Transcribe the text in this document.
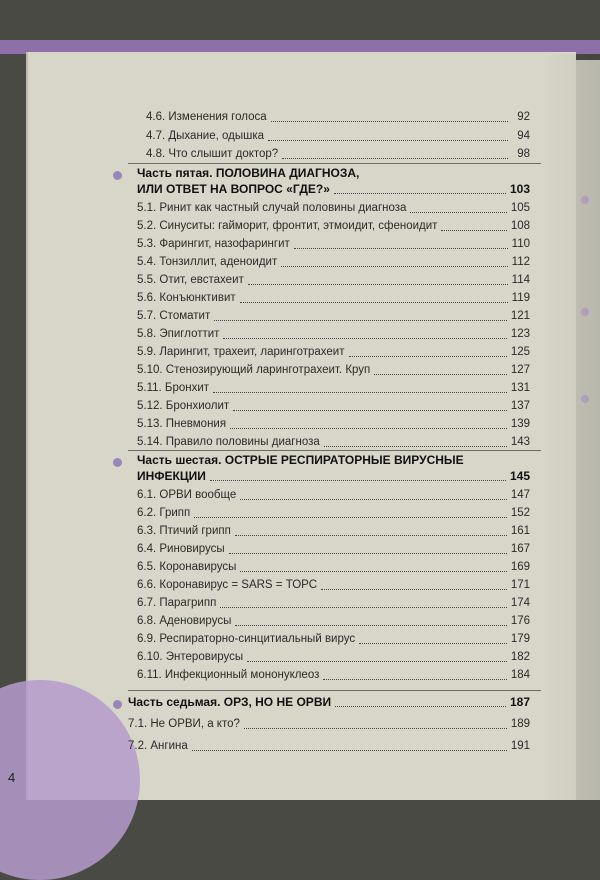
4
4.6. Изменения голоса	92
4.7. Дыхание, одышка	94
4.8. Что слышит доктор?	98
Часть пятая. ПОЛОВИНА ДИАГНОЗА,
ИЛИ ОТВЕТ НА ВОПРОС «ГДЕ?»	103
5.1. Ринит как частный случай половины диагноза	105
5.2. Синуситы: гайморит, фронтит, этмоидит, сфеноидит	108
5.3. Фарингит, назофарингит	110
5.4. Тонзиллит, аденоидит	112
5.5. Отит, евстахеит	114
5.6. Конъюнктивит	119
5.7. Стоматит	121
5.8. Эпиглоттит	123
5.9. Ларингит, трахеит, ларинготрахеит	125
5.10. Стенозирующий ларинготрахеит. Круп	127
5.11. Бронхит	131
5.12. Бронхиолит	137
5.13. Пневмония	139
5.14. Правило половины диагноза	143
Часть шестая. ОСТРЫЕ РЕСПИРАТОРНЫЕ ВИРУСНЫЕ
ИНФЕКЦИИ	145
6.1. ОРВИ вообще	147
6.2. Грипп	152
6.3. Птичий грипп	161
6.4. Риновирусы	167
6.5. Коронавирусы	169
6.6. Коронавирус = SARS = ТОРС	171
6.7. Парагрипп	174
6.8. Аденовирусы	176
6.9. Респираторно-синцитиальный вирус	179
6.10. Энтеровирусы	182
6.11. Инфекционный мононуклеоз	184
Часть седьмая. ОРЗ, НО НЕ ОРВИ	187
7.1. Не ОРВИ, а кто?	189
7.2. Ангина	191
